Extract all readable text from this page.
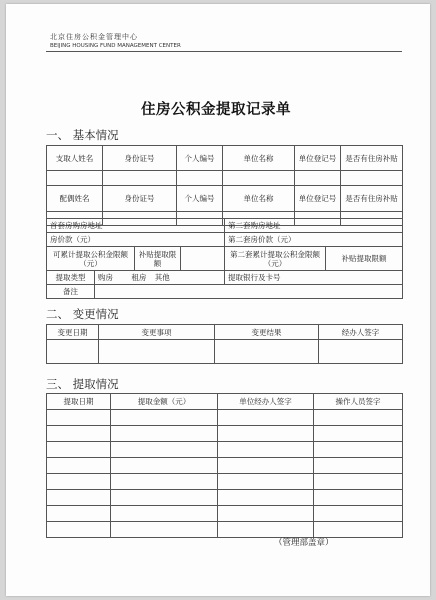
北京住房公积金管理中心
BEIJING HOUSING FUND MANAGEMENT CENTER
住房公积金提取记录单
一、 基本情况
支取人姓名	身份证号	个人编号	单位名称	单位登记号	是否有住房补贴

配偶姓名	身份证号	个人编号	单位名称	单位登记号	是否有住房补贴

首套房购房地址				第二套购房地址	
房价款（元）				第二套房价款（元）	
可累计提取公积金限额（元）		补贴提取限额		第二套累计提取公积金限额（元）	补贴提取限额
提取类型	购房 租房 其他			提取银行及卡号	
备注					
二、 变更情况
变更日期	变更事项	变更结果	经办人签字

三、 提取情况
提取日期	提取金额（元）	单位经办人签字	操作人员签字

（管理部盖章）
